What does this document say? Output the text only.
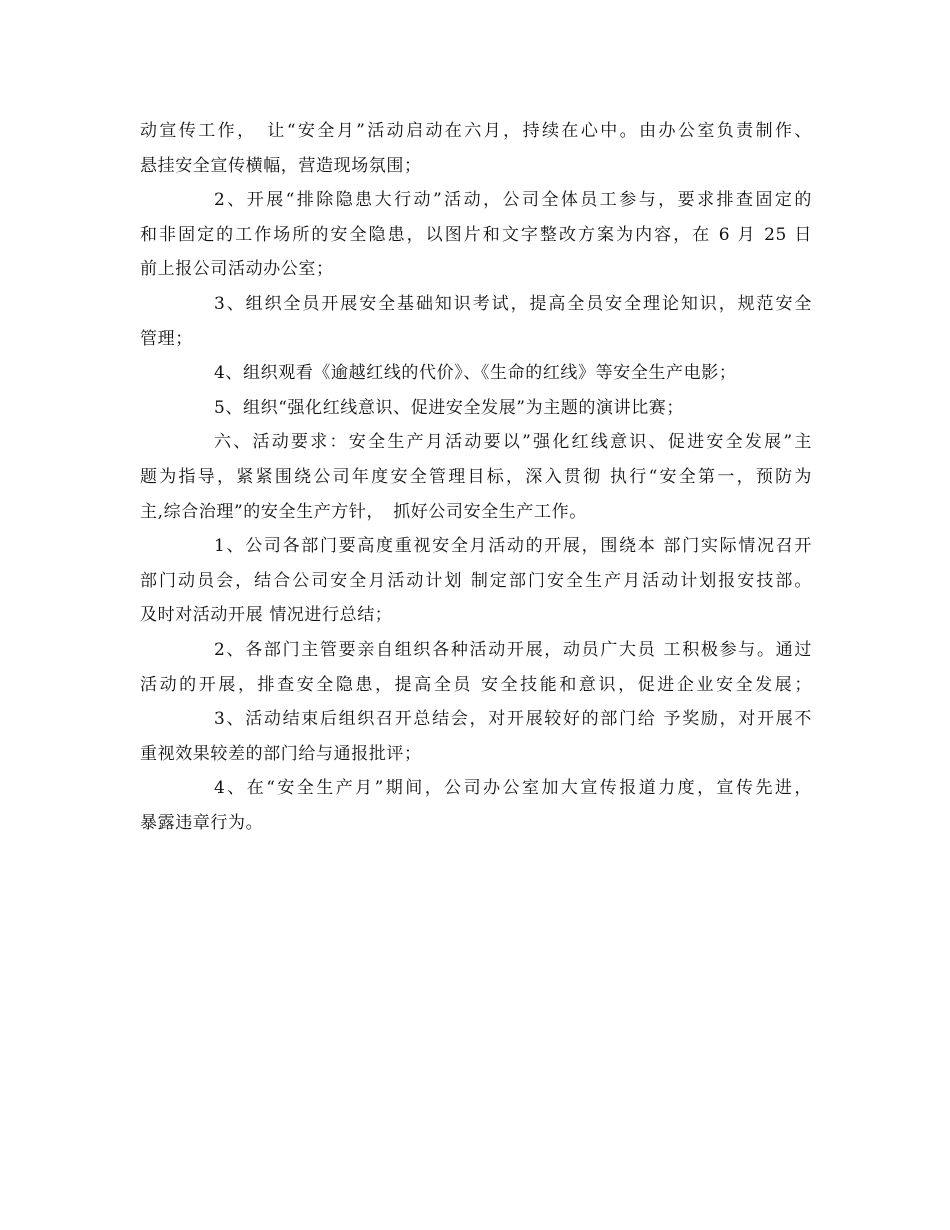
动宣传工作，　让“安全月”活动启动在六月，持续在心中。由办公室负责制作、
悬挂安全宣传横幅，营造现场氛围；
2、开展“排除隐患大行动”活动，公司全体员工参与，要求排查固定的
和非固定的工作场所的安全隐患，以图片和文字整改方案为内容，在 6 月 25 日
前上报公司活动办公室；
3、组织全员开展安全基础知识考试，提高全员安全理论知识，规范安全
管理；
4、组织观看《逾越红线的代价》、《生命的红线》等安全生产电影；
5、组织“强化红线意识、促进安全发展”为主题的演讲比赛；
六、活动要求：安全生产月活动要以”强化红线意识、促进安全发展”主
题为指导，紧紧围绕公司年度安全管理目标，深入贯彻 执行“安全第一，预防为
主,综合治理”的安全生产方针，　抓好公司安全生产工作。
1、公司各部门要高度重视安全月活动的开展，围绕本 部门实际情况召开
部门动员会，结合公司安全月活动计划 制定部门安全生产月活动计划报安技部。
及时对活动开展 情况进行总结；
2、各部门主管要亲自组织各种活动开展，动员广大员 工积极参与。通过
活动的开展，排查安全隐患，提高全员 安全技能和意识，促进企业安全发展；
3、活动结束后组织召开总结会，对开展较好的部门给 予奖励，对开展不
重视效果较差的部门给与通报批评；
4、在“安全生产月”期间，公司办公室加大宣传报道力度，宣传先进，
暴露违章行为。
